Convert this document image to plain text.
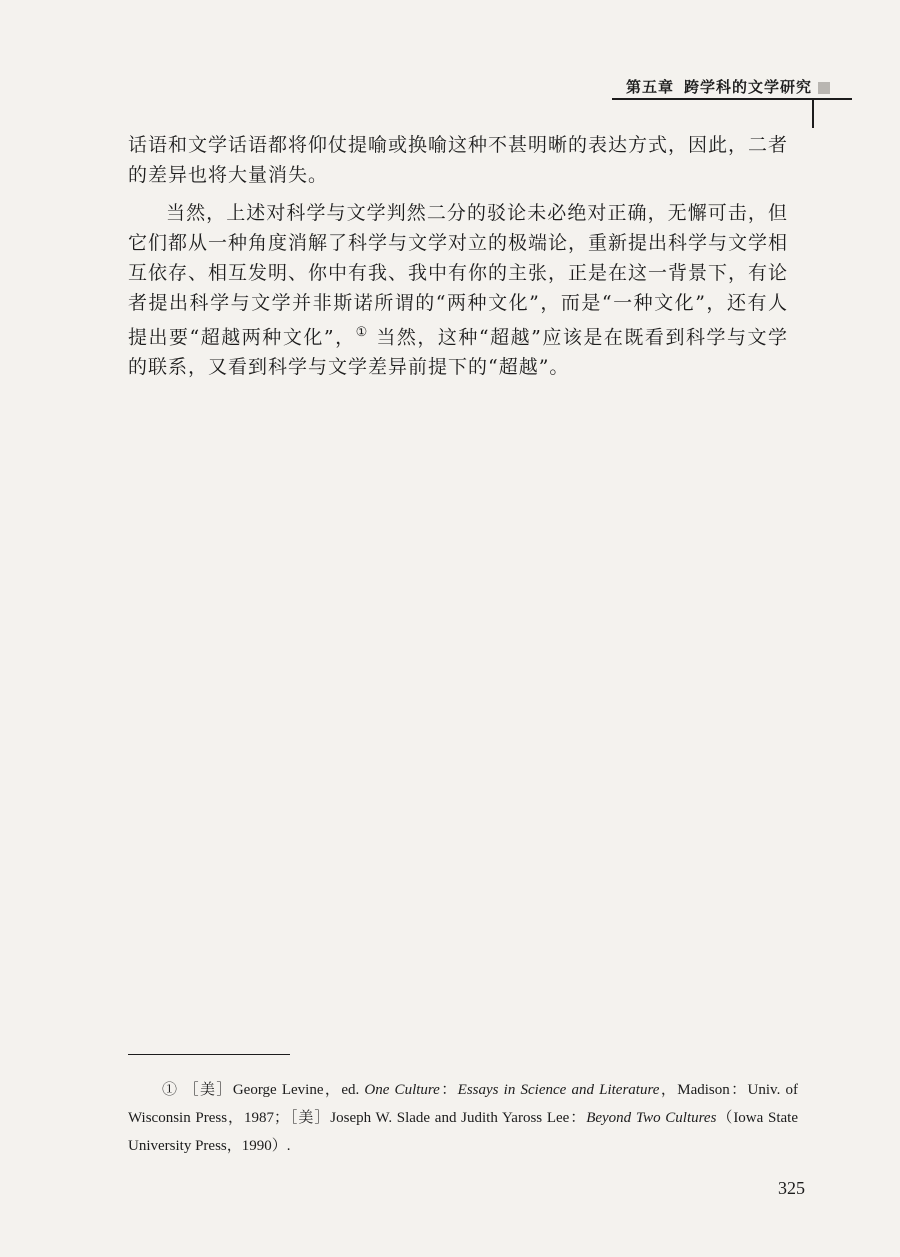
第五章 跨学科的文学研究

话语和文学话语都将仰仗提喻或换喻这种不甚明晰的表达方式，因此，二者的差异也将大量消失。

当然，上述对科学与文学判然二分的驳论未必绝对正确，无懈可击，但它们都从一种角度消解了科学与文学对立的极端论，重新提出科学与文学相互依存、相互发明、你中有我、我中有你的主张，正是在这一背景下，有论者提出科学与文学并非斯诺所谓的“两种文化”，而是“一种文化”，还有人提出要“超越两种文化”，① 当然，这种“超越”应该是在既看到科学与文学的联系，又看到科学与文学差异前提下的“超越”。

① ［美］George Levine，ed. One Culture：Essays in Science and Literature，Madison：Univ. of Wisconsin Press，1987；［美］Joseph W. Slade and Judith Yaross Lee：Beyond Two Cultures（Iowa State University Press，1990）.

325
